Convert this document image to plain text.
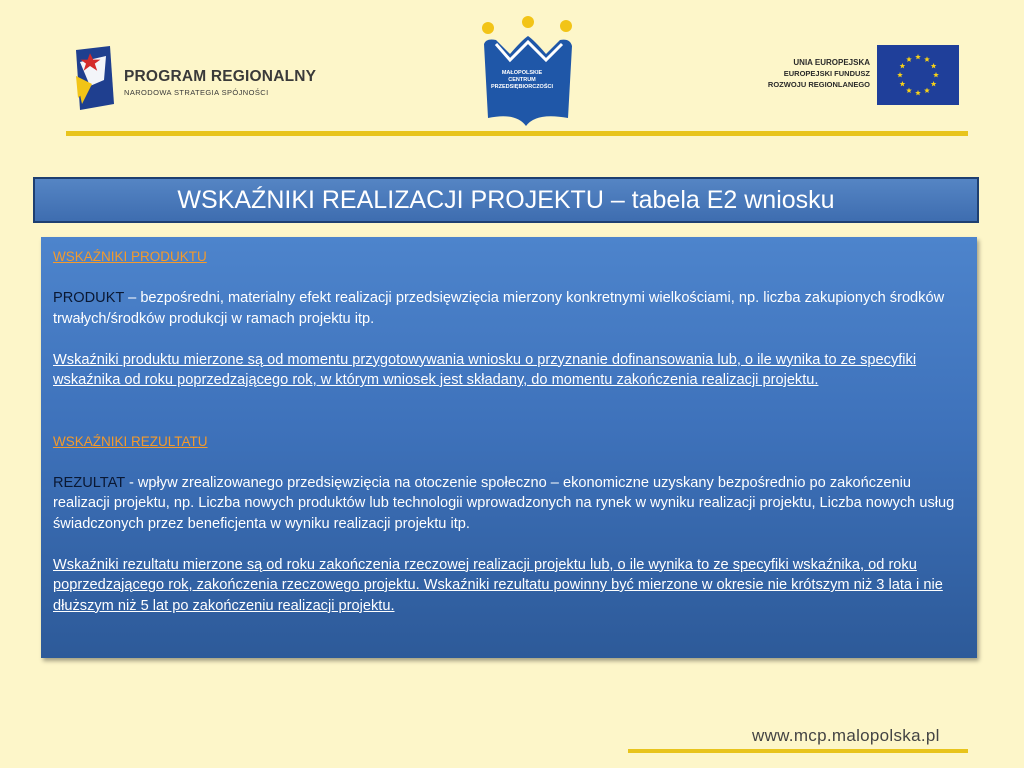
PROGRAM REGIONALNY
NARODOWA STRATEGIA SPÓJNOŚCI
MAŁOPOLSKIE
CENTRUM
PRZEDSIĘBIORCZOŚCI
UNIA EUROPEJSKA
EUROPEJSKI FUNDUSZ
ROZWOJU REGIONLANEGO
WSKAŹNIKI REALIZACJI PROJEKTU – tabela E2 wniosku

WSKAŹNIKI PRODUKTU

PRODUKT – bezpośredni, materialny efekt realizacji przedsięwzięcia mierzony konkretnymi wielkościami, np. liczba zakupionych środków trwałych/środków produkcji w ramach projektu itp.

Wskaźniki produktu mierzone są od momentu przygotowywania wniosku o przyznanie dofinansowania lub, o ile wynika to ze specyfiki wskaźnika od roku poprzedzającego rok, w którym wniosek jest składany, do momentu zakończenia realizacji projektu.

WSKAŹNIKI REZULTATU

REZULTAT - wpływ zrealizowanego przedsięwzięcia na otoczenie społeczno – ekonomiczne uzyskany bezpośrednio po zakończeniu realizacji projektu, np. Liczba nowych produktów lub technologii wprowadzonych na rynek w wyniku realizacji projektu, Liczba nowych usług świadczonych przez beneficjenta w wyniku realizacji projektu itp.

Wskaźniki rezultatu mierzone są od roku zakończenia rzeczowej realizacji projektu lub, o ile wynika to ze specyfiki wskaźnika, od roku poprzedzającego rok, zakończenia rzeczowego projektu. Wskaźniki rezultatu powinny być mierzone w okresie nie krótszym niż 3 lata i nie dłuższym niż 5 lat po zakończeniu realizacji projektu.

www.mcp.malopolska.pl
